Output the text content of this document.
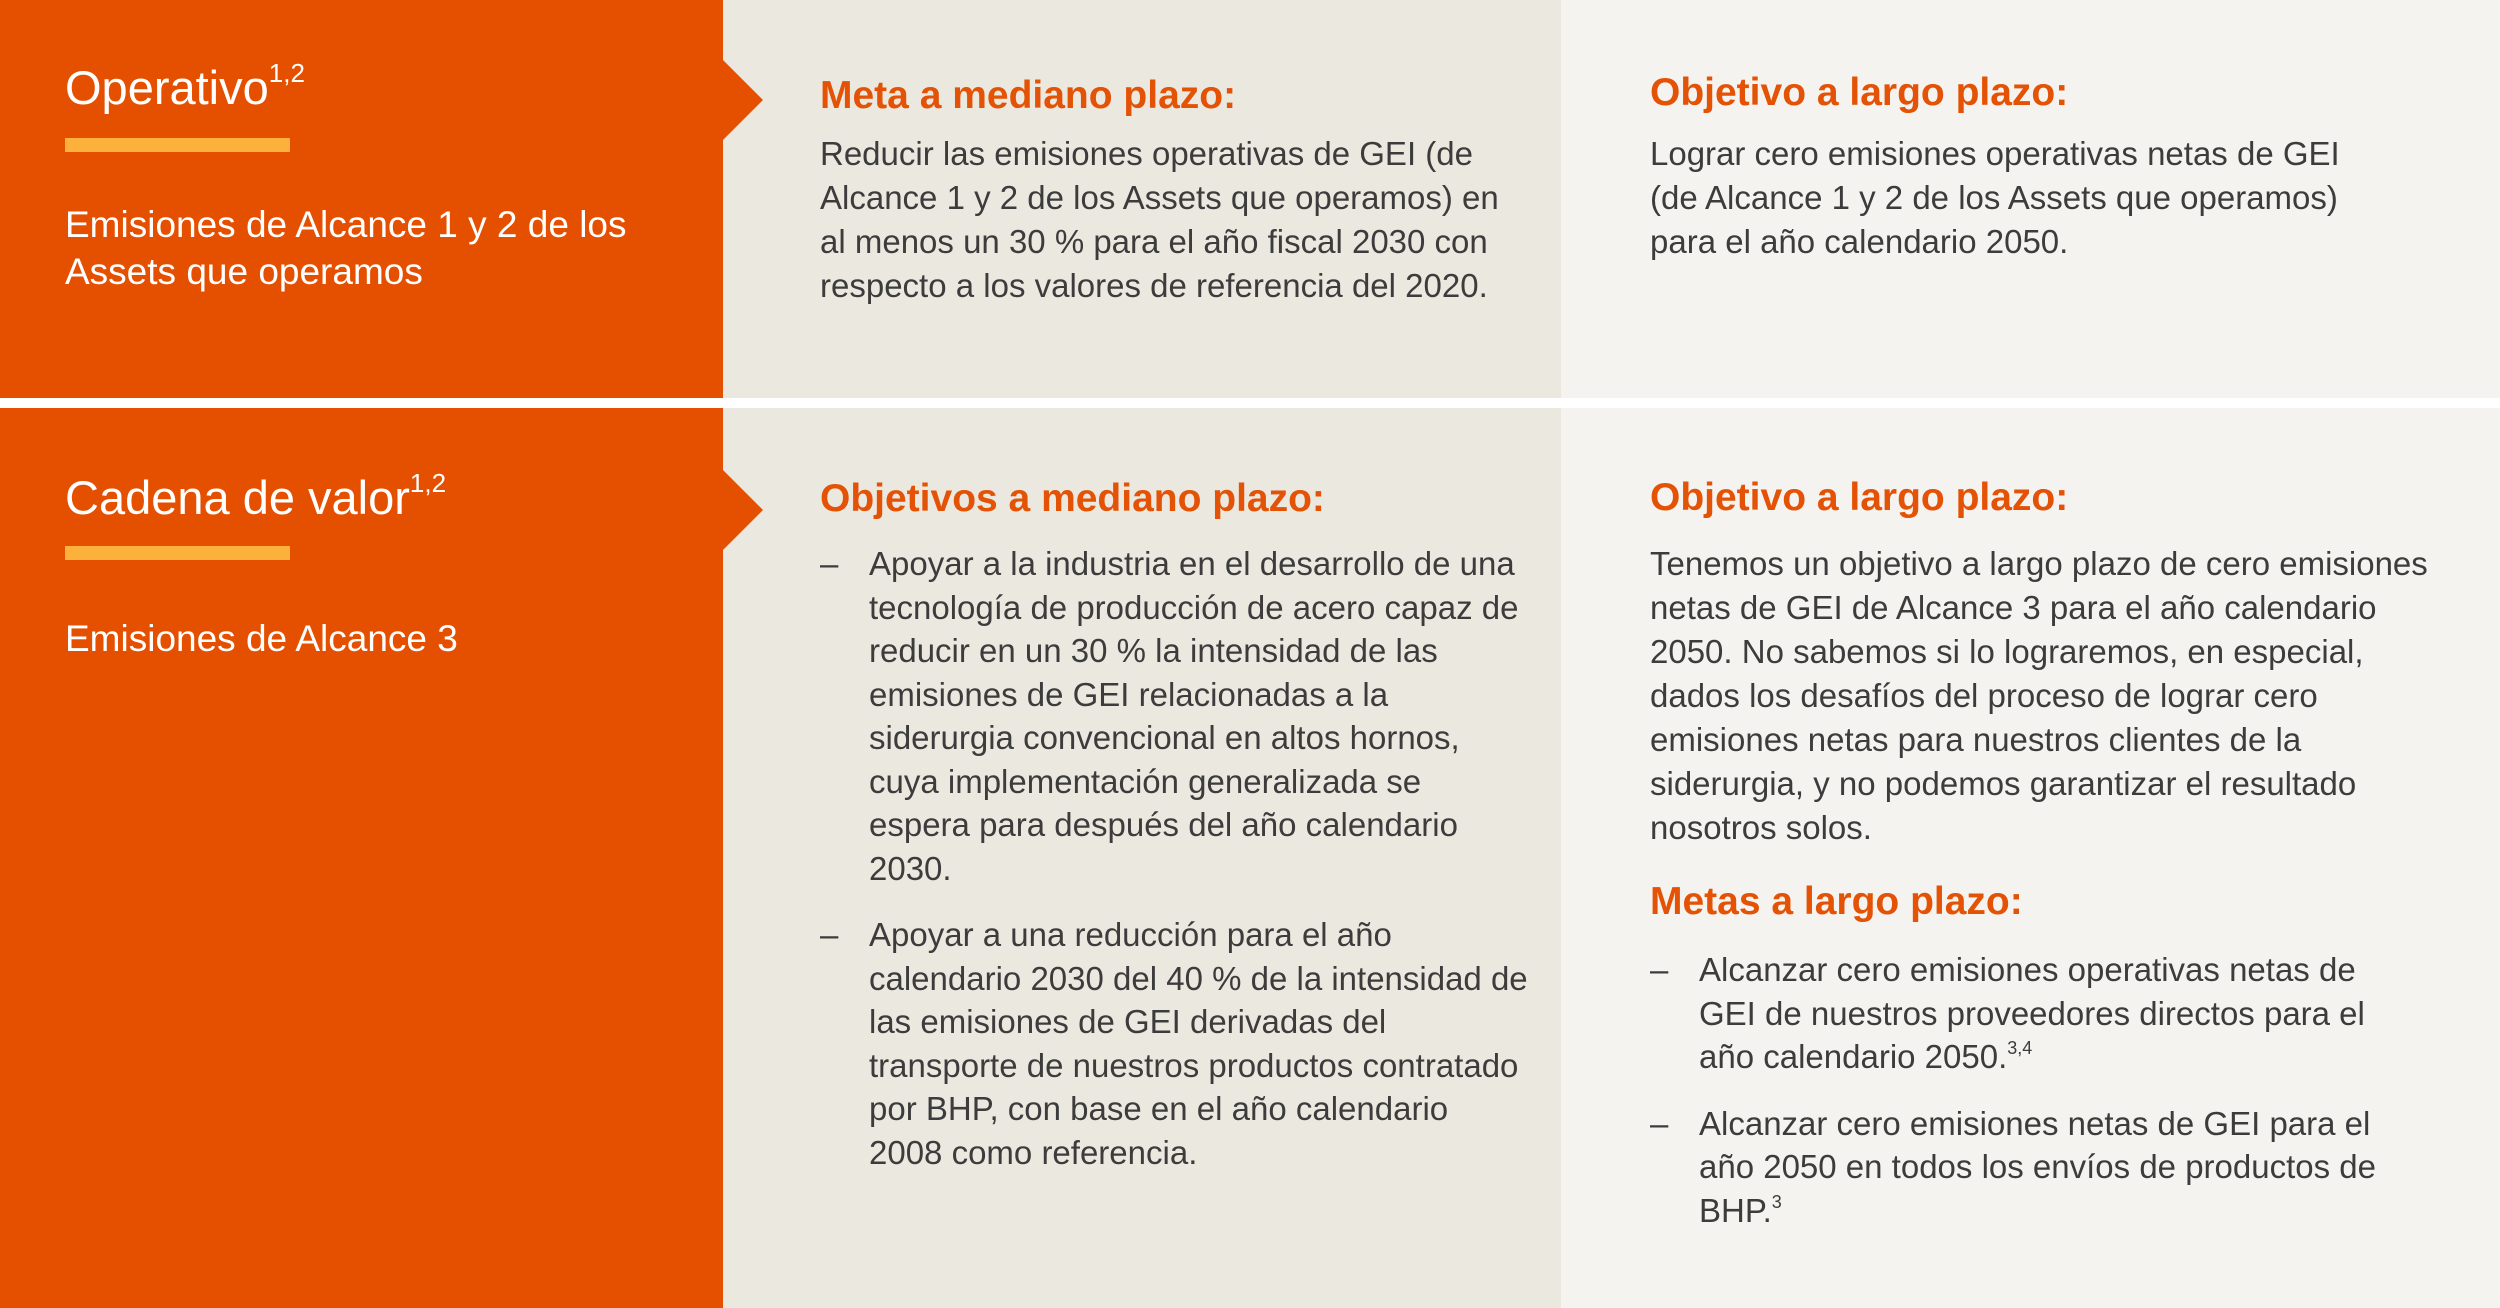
Operativo$^{1,2}$
Emisiones de Alcance 1 y 2 de los Assets que operamos
Meta a mediano plazo:
Reducir las emisiones operativas de GEI (de Alcance 1 y 2 de los Assets que operamos) en al menos un 30 % para el año fiscal 2030 con respecto a los valores de referencia del 2020.
Objetivo a largo plazo:
Lograr cero emisiones operativas netas de GEI (de Alcance 1 y 2 de los Assets que operamos) para el año calendario 2050.
Cadena de valor$^{1,2}$
Emisiones de Alcance 3
Objetivos a mediano plazo:
– Apoyar a la industria en el desarrollo de una tecnología de producción de acero capaz de reducir en un 30 % la intensidad de las emisiones de GEI relacionadas a la siderurgia convencional en altos hornos, cuya implementación generalizada se espera para después del año calendario 2030.
– Apoyar a una reducción para el año calendario 2030 del 40 % de la intensidad de las emisiones de GEI derivadas del transporte de nuestros productos contratado por BHP, con base en el año calendario 2008 como referencia.
Objetivo a largo plazo:
Tenemos un objetivo a largo plazo de cero emisiones netas de GEI de Alcance 3 para el año calendario 2050. No sabemos si lo lograremos, en especial, dados los desafíos del proceso de lograr cero emisiones netas para nuestros clientes de la siderurgia, y no podemos garantizar el resultado nosotros solos.
Metas a largo plazo:
– Alcanzar cero emisiones operativas netas de GEI de nuestros proveedores directos para el año calendario 2050.$^{3,4}$
– Alcanzar cero emisiones netas de GEI para el año 2050 en todos los envíos de productos de BHP.$^3$
